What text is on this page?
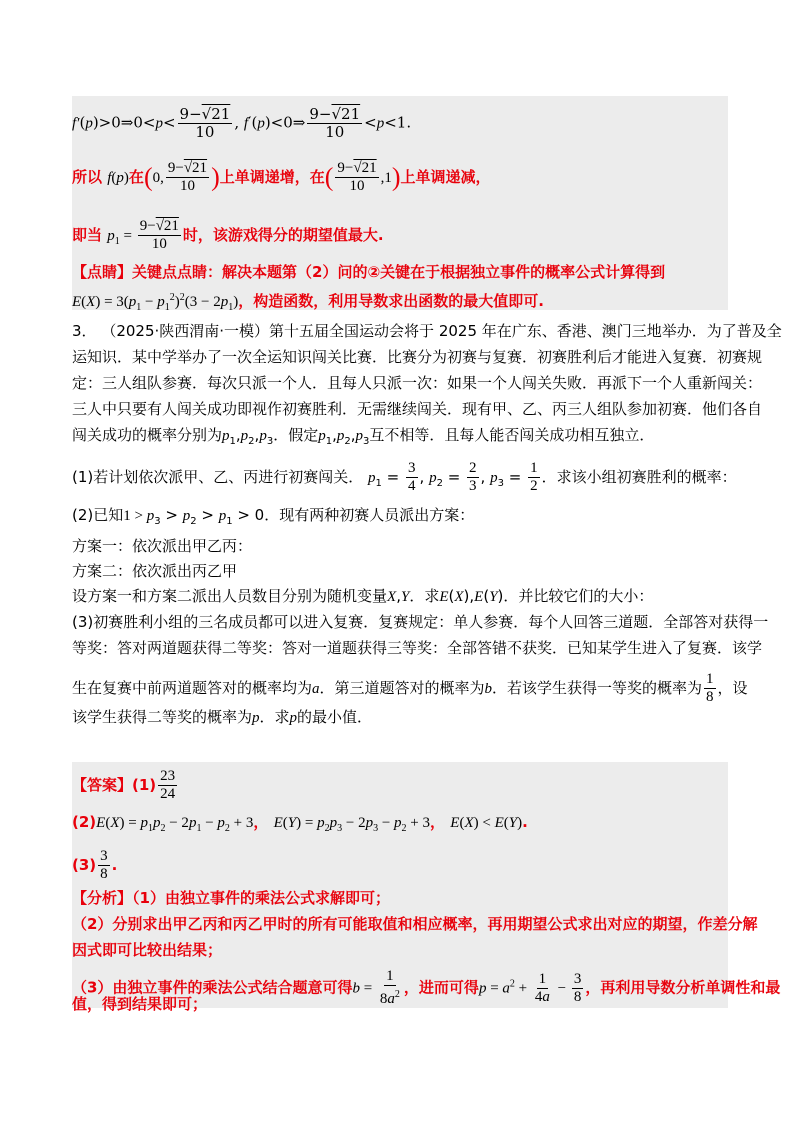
f′(p)>0⇒0<p< $\frac{9-√21}{10}$ , f′(p)<0⇒ $\frac{9-√21}{10} <p<1$.
所以 f(p)在(0, $\frac{9-√21}{10}$ )上单调递增，在( $\frac{9-√21}{10} ,1$)上单调递减，
即当 $p_1 = \frac{9-√21}{10}$ 时，该游戏得分的期望值最大.
【点睛】关键点点睛：解决本题第（2）问的②关键在于根据独立事件的概率公式计算得到
$E(X) = 3(p_1 - p_1^2)^2(3 - 2p_1)$，构造函数，利用导数求出函数的最大值即可.
3． （2025·陕西渭南·一模）第十五届全国运动会将于 2025 年在广东、香港、澳门三地举办．为了普及全
运知识．某中学举办了一次全运知识闯关比赛．比赛分为初赛与复赛．初赛胜利后才能进入复赛．初赛规
定：三人组队参赛．每次只派一个人．且每人只派一次：如果一个人闯关失败．再派下一个人重新闯关：
三人中只要有人闯关成功即视作初赛胜利．无需继续闯关．现有甲、乙、丙三人组队参加初赛．他们各自
闯关成功的概率分别为$p_1,p_2,p_3$．假定$p_1,p_2,p_3$互不相等．且每人能否闯关成功相互独立．
(1)若计划依次派甲、乙、丙进行初赛闯关． $p_1 = \frac{3}{4}$ , $p_2 = \frac{2}{3}$ , $p_3 = \frac{1}{2}$ ．求该小组初赛胜利的概率：
(2)已知$1 > p_3 > p_2 > p_1 > 0$．现有两种初赛人员派出方案：
方案一：依次派出甲乙丙：
方案二：依次派出丙乙甲
设方案一和方案二派出人员数目分别为随机变量X,Y．求E(X),E(Y)．并比较它们的大小：
(3)初赛胜利小组的三名成员都可以进入复赛．复赛规定：单人参赛．每个人回答三道题．全部答对获得一
等奖：答对两道题获得二等奖：答对一道题获得三等奖：全部答错不获奖．已知某学生进入了复赛．该学
生在复赛中前两道题答对的概率均为a．第三道题答对的概率为b．若该学生获得一等奖的概率为 $\frac{1}{8}$ ，设
该学生获得二等奖的概率为p．求p的最小值．
【答案】$(1) \frac{23}{24}$
$(2)E(X) = p_1p_2 - 2p_1 - p_2 + 3$， $E(Y) = p_2p_3 - 2p_3 - p_2 + 3$， E(X) < E(Y).
$(3) \frac{3}{8}$ .
【分析】（1）由独立事件的乘法公式求解即可；
（2）分别求出甲乙丙和丙乙甲时的所有可能取值和相应概率，再用期望公式求出对应的期望，作差分解
因式即可比较出结果；
（3）由独立事件的乘法公式结合题意可得$b = \frac{1}{8a^2}$ ，进而可得$p = a^2 + \frac{1}{4a} - \frac{3}{8}$ ，再利用导数分析单调性和最
值，得到结果即可；
